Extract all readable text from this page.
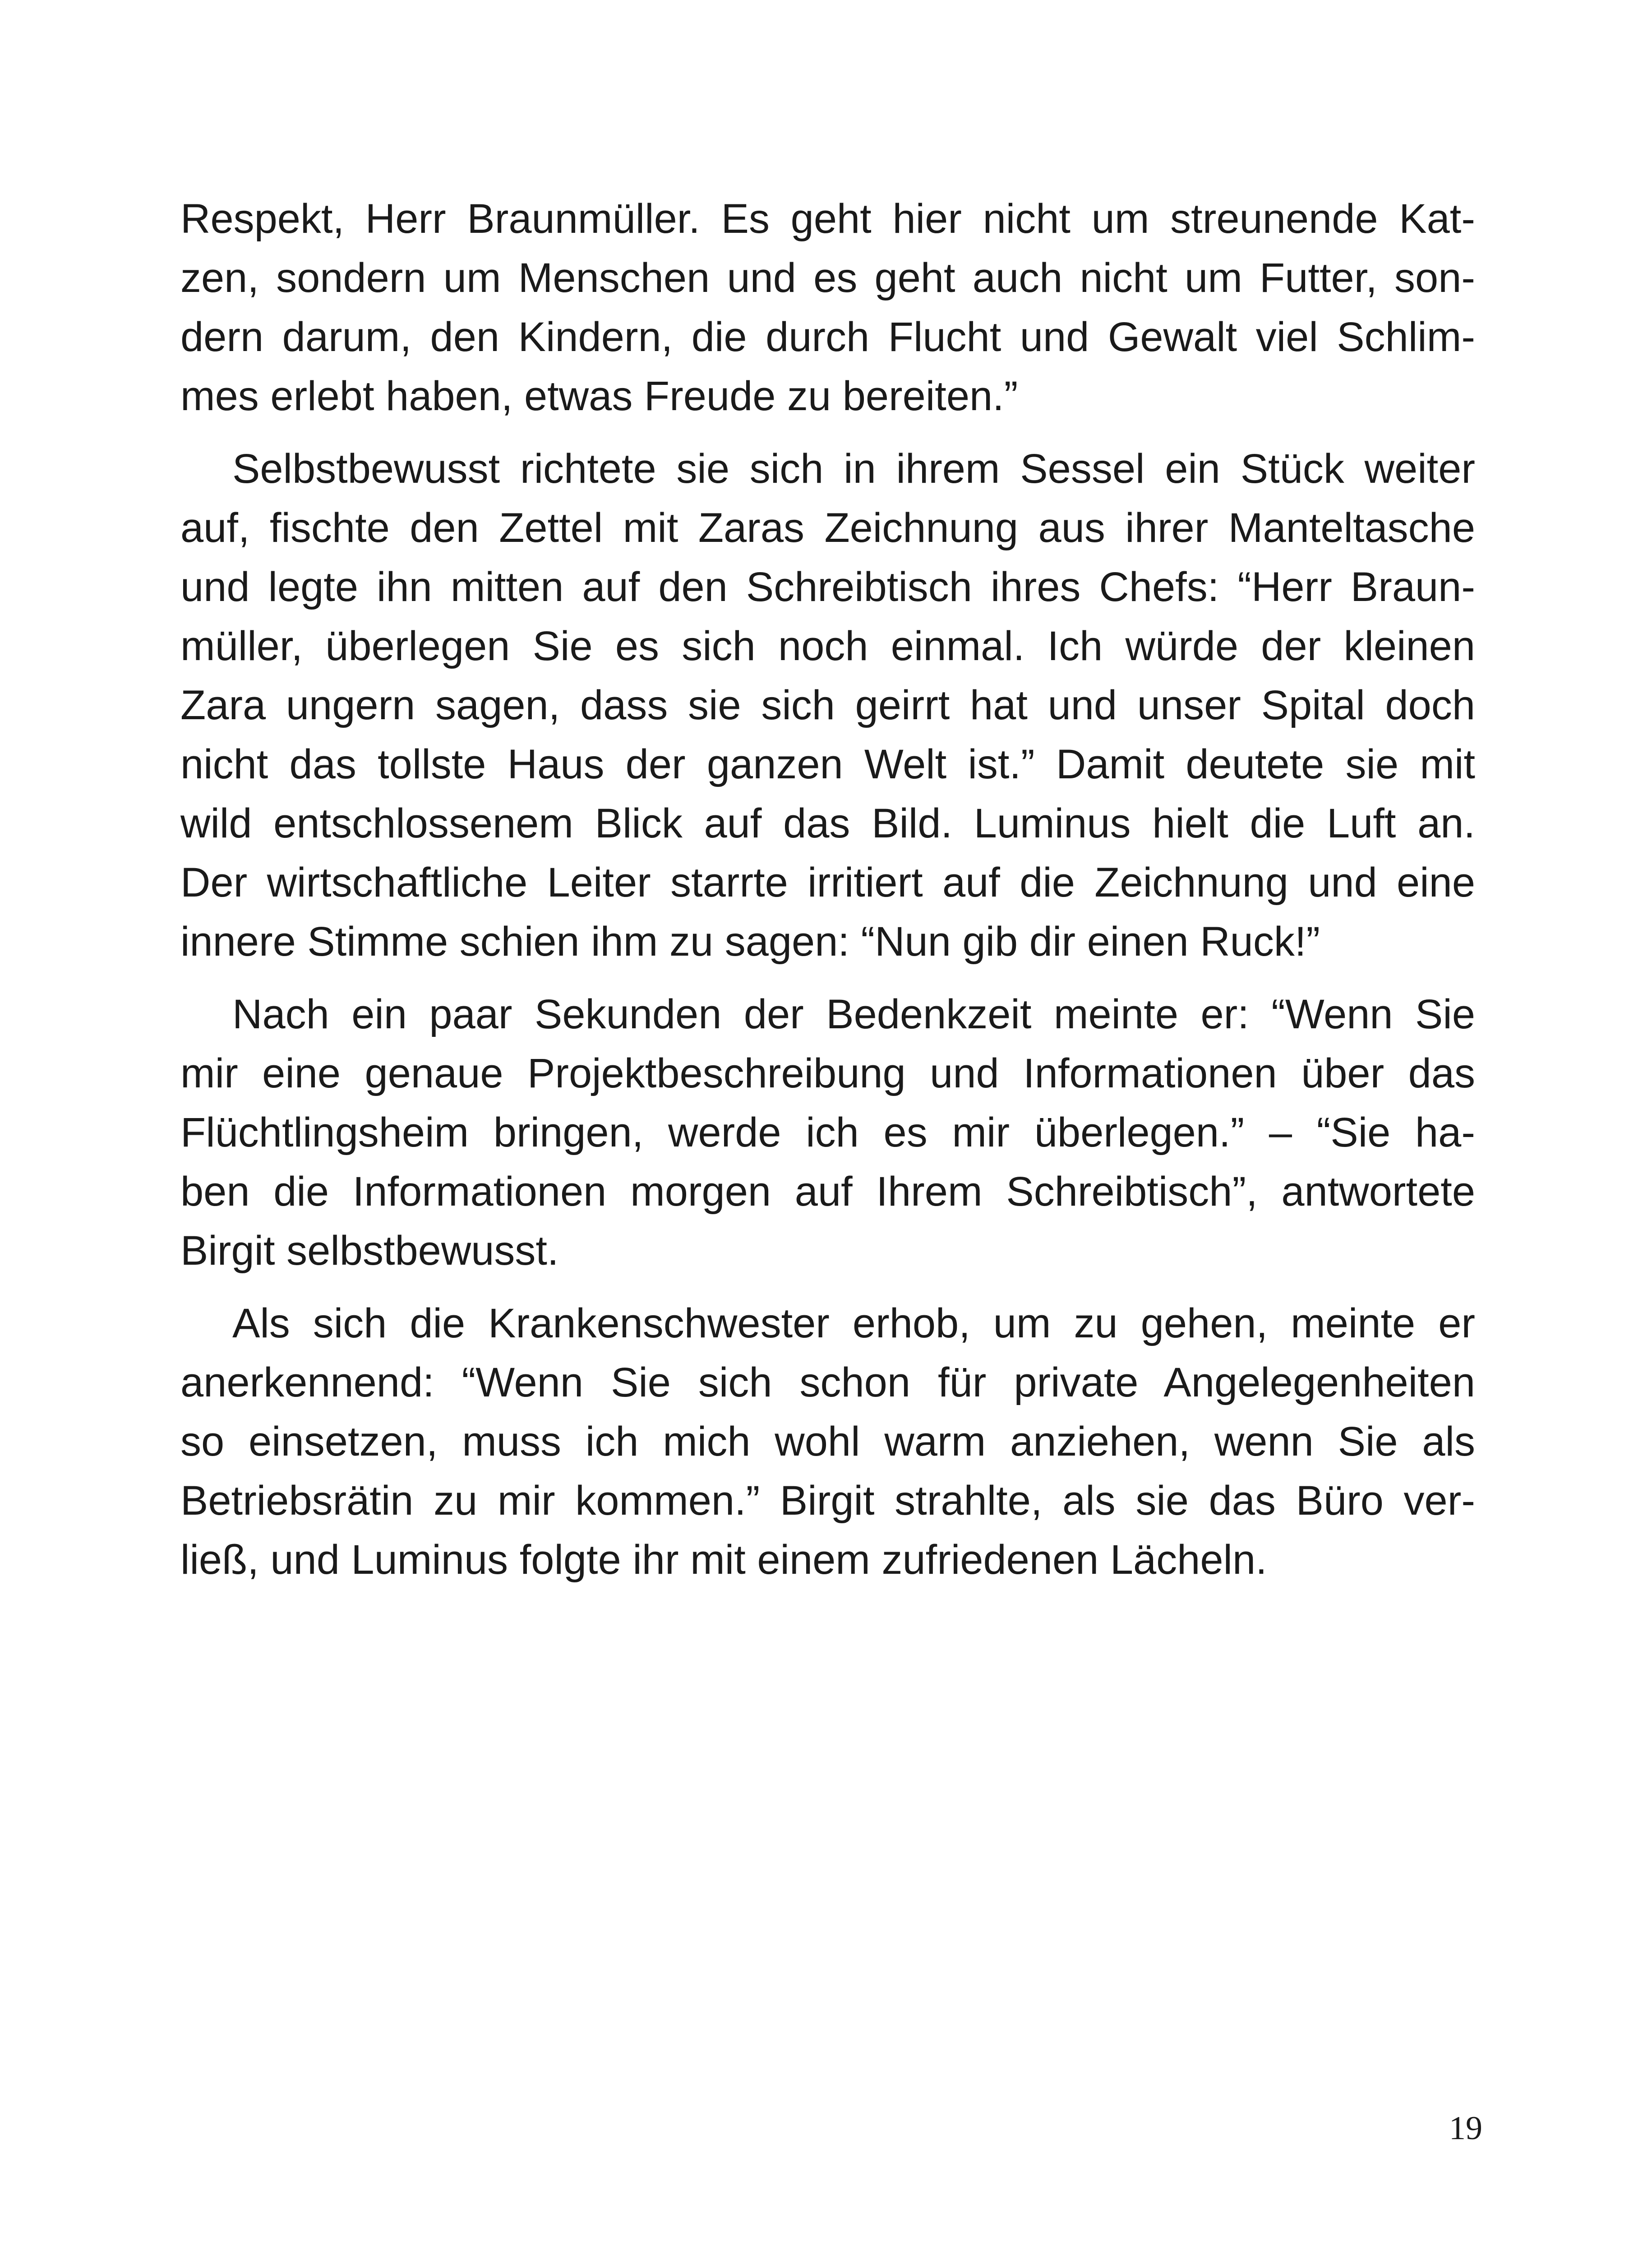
Respekt, Herr Braunmüller. Es geht hier nicht um streunende Kat-
zen, sondern um Menschen und es geht auch nicht um Futter, son-
dern darum, den Kindern, die durch Flucht und Gewalt viel Schlim-
mes erlebt haben, etwas Freude zu bereiten.”
Selbstbewusst richtete sie sich in ihrem Sessel ein Stück weiter
auf, fischte den Zettel mit Zaras Zeichnung aus ihrer Manteltasche
und legte ihn mitten auf den Schreibtisch ihres Chefs: “Herr Braun-
müller, überlegen Sie es sich noch einmal. Ich würde der kleinen
Zara ungern sagen, dass sie sich geirrt hat und unser Spital doch
nicht das tollste Haus der ganzen Welt ist.” Damit deutete sie mit
wild entschlossenem Blick auf das Bild. Luminus hielt die Luft an.
Der wirtschaftliche Leiter starrte irritiert auf die Zeichnung und eine
innere Stimme schien ihm zu sagen: “Nun gib dir einen Ruck!”
Nach ein paar Sekunden der Bedenkzeit meinte er: “Wenn Sie
mir eine genaue Projektbeschreibung und Informationen über das
Flüchtlingsheim bringen, werde ich es mir überlegen.” – “Sie ha-
ben die Informationen morgen auf Ihrem Schreibtisch”, antwortete
Birgit selbstbewusst.
Als sich die Krankenschwester erhob, um zu gehen, meinte er
anerkennend: “Wenn Sie sich schon für private Angelegenheiten
so einsetzen, muss ich mich wohl warm anziehen, wenn Sie als
Betriebsrätin zu mir kommen.” Birgit strahlte, als sie das Büro ver-
ließ, und Luminus folgte ihr mit einem zufriedenen Lächeln.
19
